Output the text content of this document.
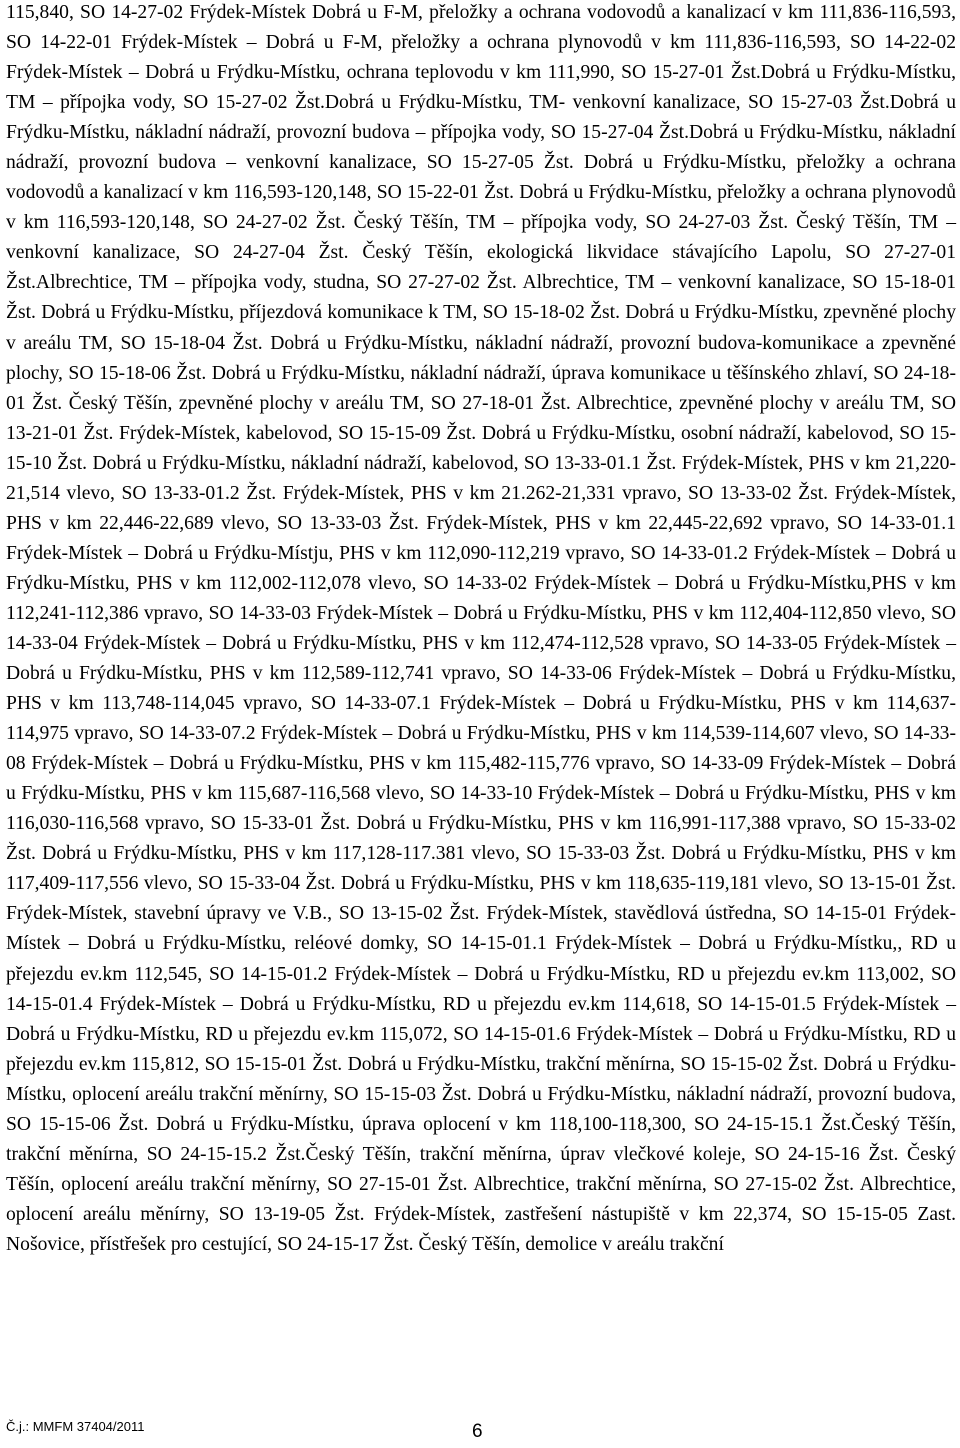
115,840, SO 14-27-02 Frýdek-Místek Dobrá u F-M, přeložky a ochrana vodovodů a kanalizací v km 111,836-116,593, SO 14-22-01 Frýdek-Místek – Dobrá u F-M, přeložky a ochrana plynovodů v km 111,836-116,593, SO 14-22-02 Frýdek-Místek – Dobrá u Frýdku-Místku, ochrana teplovodu v km 111,990, SO 15-27-01 Žst.Dobrá u Frýdku-Místku, TM – přípojka vody, SO 15-27-02 Žst.Dobrá u Frýdku-Místku, TM- venkovní kanalizace, SO 15-27-03 Žst.Dobrá u Frýdku-Místku, nákladní nádraží, provozní budova – přípojka vody, SO 15-27-04 Žst.Dobrá u Frýdku-Místku, nákladní nádraží, provozní budova – venkovní kanalizace, SO 15-27-05 Žst. Dobrá u Frýdku-Místku, přeložky a ochrana vodovodů a kanalizací v km 116,593-120,148, SO 15-22-01 Žst. Dobrá u Frýdku-Místku, přeložky a ochrana plynovodů v km 116,593-120,148, SO 24-27-02 Žst. Český Těšín, TM – přípojka vody, SO 24-27-03 Žst. Český Těšín, TM –venkovní kanalizace, SO 24-27-04 Žst. Český Těšín, ekologická likvidace stávajícího Lapolu, SO 27-27-01 Žst.Albrechtice, TM – přípojka vody, studna, SO 27-27-02 Žst. Albrechtice, TM – venkovní kanalizace, SO 15-18-01 Žst. Dobrá u Frýdku-Místku, příjezdová komunikace k TM, SO 15-18-02 Žst. Dobrá u Frýdku-Místku, zpevněné plochy v areálu TM, SO 15-18-04 Žst. Dobrá u Frýdku-Místku, nákladní nádraží, provozní budova-komunikace a zpevněné plochy, SO 15-18-06 Žst. Dobrá u Frýdku-Místku, nákladní nádraží, úprava komunikace u těšínského zhlaví, SO 24-18-01 Žst. Český Těšín, zpevněné plochy v areálu TM, SO 27-18-01 Žst. Albrechtice, zpevněné plochy v areálu TM, SO 13-21-01 Žst. Frýdek-Místek, kabelovod, SO 15-15-09 Žst. Dobrá u Frýdku-Místku, osobní nádraží, kabelovod, SO 15-15-10 Žst. Dobrá u Frýdku-Místku, nákladní nádraží, kabelovod, SO 13-33-01.1 Žst. Frýdek-Místek, PHS v km 21,220-21,514 vlevo, SO 13-33-01.2 Žst. Frýdek-Místek, PHS v km 21.262-21,331 vpravo, SO 13-33-02 Žst. Frýdek-Místek, PHS v km 22,446-22,689 vlevo, SO 13-33-03 Žst. Frýdek-Místek, PHS v km 22,445-22,692 vpravo, SO 14-33-01.1 Frýdek-Místek – Dobrá u Frýdku-Místju, PHS v km 112,090-112,219 vpravo, SO 14-33-01.2 Frýdek-Místek – Dobrá u Frýdku-Místku, PHS v km 112,002-112,078 vlevo, SO 14-33-02 Frýdek-Místek – Dobrá u Frýdku-Místku,PHS v km 112,241-112,386 vpravo, SO 14-33-03 Frýdek-Místek – Dobrá u Frýdku-Místku, PHS v km 112,404-112,850 vlevo, SO 14-33-04 Frýdek-Místek – Dobrá u Frýdku-Místku, PHS v km 112,474-112,528 vpravo, SO 14-33-05 Frýdek-Místek – Dobrá u Frýdku-Místku, PHS v km 112,589-112,741 vpravo, SO 14-33-06 Frýdek-Místek – Dobrá u Frýdku-Místku, PHS v km 113,748-114,045 vpravo, SO 14-33-07.1 Frýdek-Místek – Dobrá u Frýdku-Místku, PHS v km 114,637-114,975 vpravo, SO 14-33-07.2 Frýdek-Místek – Dobrá u Frýdku-Místku, PHS v km 114,539-114,607 vlevo, SO 14-33-08 Frýdek-Místek – Dobrá u Frýdku-Místku, PHS v km 115,482-115,776 vpravo, SO 14-33-09 Frýdek-Místek – Dobrá u Frýdku-Místku, PHS v km 115,687-116,568 vlevo, SO 14-33-10 Frýdek-Místek – Dobrá u Frýdku-Místku, PHS v km 116,030-116,568 vpravo, SO 15-33-01 Žst. Dobrá u Frýdku-Místku, PHS v km 116,991-117,388 vpravo, SO 15-33-02 Žst. Dobrá u Frýdku-Místku, PHS v km 117,128-117.381 vlevo, SO 15-33-03 Žst. Dobrá u Frýdku-Místku, PHS v km 117,409-117,556 vlevo, SO 15-33-04 Žst. Dobrá u Frýdku-Místku, PHS v km 118,635-119,181 vlevo, SO 13-15-01 Žst. Frýdek-Místek, stavební úpravy ve V.B., SO 13-15-02 Žst. Frýdek-Místek, stavědlová ústředna, SO 14-15-01 Frýdek-Místek – Dobrá u Frýdku-Místku, reléové domky, SO 14-15-01.1 Frýdek-Místek – Dobrá u Frýdku-Místku,, RD u přejezdu ev.km 112,545, SO 14-15-01.2 Frýdek-Místek – Dobrá u Frýdku-Místku, RD u přejezdu ev.km 113,002, SO 14-15-01.4 Frýdek-Místek – Dobrá u Frýdku-Místku, RD u přejezdu ev.km 114,618, SO 14-15-01.5 Frýdek-Místek – Dobrá u Frýdku-Místku, RD u přejezdu ev.km 115,072, SO 14-15-01.6 Frýdek-Místek – Dobrá u Frýdku-Místku, RD u přejezdu ev.km 115,812, SO 15-15-01 Žst. Dobrá u Frýdku-Místku, trakční měnírna, SO 15-15-02 Žst. Dobrá u Frýdku-Místku, oplocení areálu trakční měnírny, SO 15-15-03 Žst. Dobrá u Frýdku-Místku, nákladní nádraží, provozní budova, SO 15-15-06 Žst. Dobrá u Frýdku-Místku, úprava oplocení v km 118,100-118,300, SO 24-15-15.1 Žst.Český Těšín, trakční měnírna, SO 24-15-15.2 Žst.Český Těšín, trakční měnírna, úprav vlečkové koleje, SO 24-15-16 Žst. Český Těšín, oplocení areálu trakční měnírny, SO 27-15-01 Žst. Albrechtice, trakční měnírna, SO 27-15-02 Žst. Albrechtice, oplocení areálu měnírny, SO 13-19-05 Žst. Frýdek-Místek, zastřešení nástupiště v km 22,374, SO 15-15-05 Zast. Nošovice, přístřešek pro cestující, SO 24-15-17 Žst. Český Těšín, demolice v areálu trakční

Č.j.: MMFM 37404/2011	6
